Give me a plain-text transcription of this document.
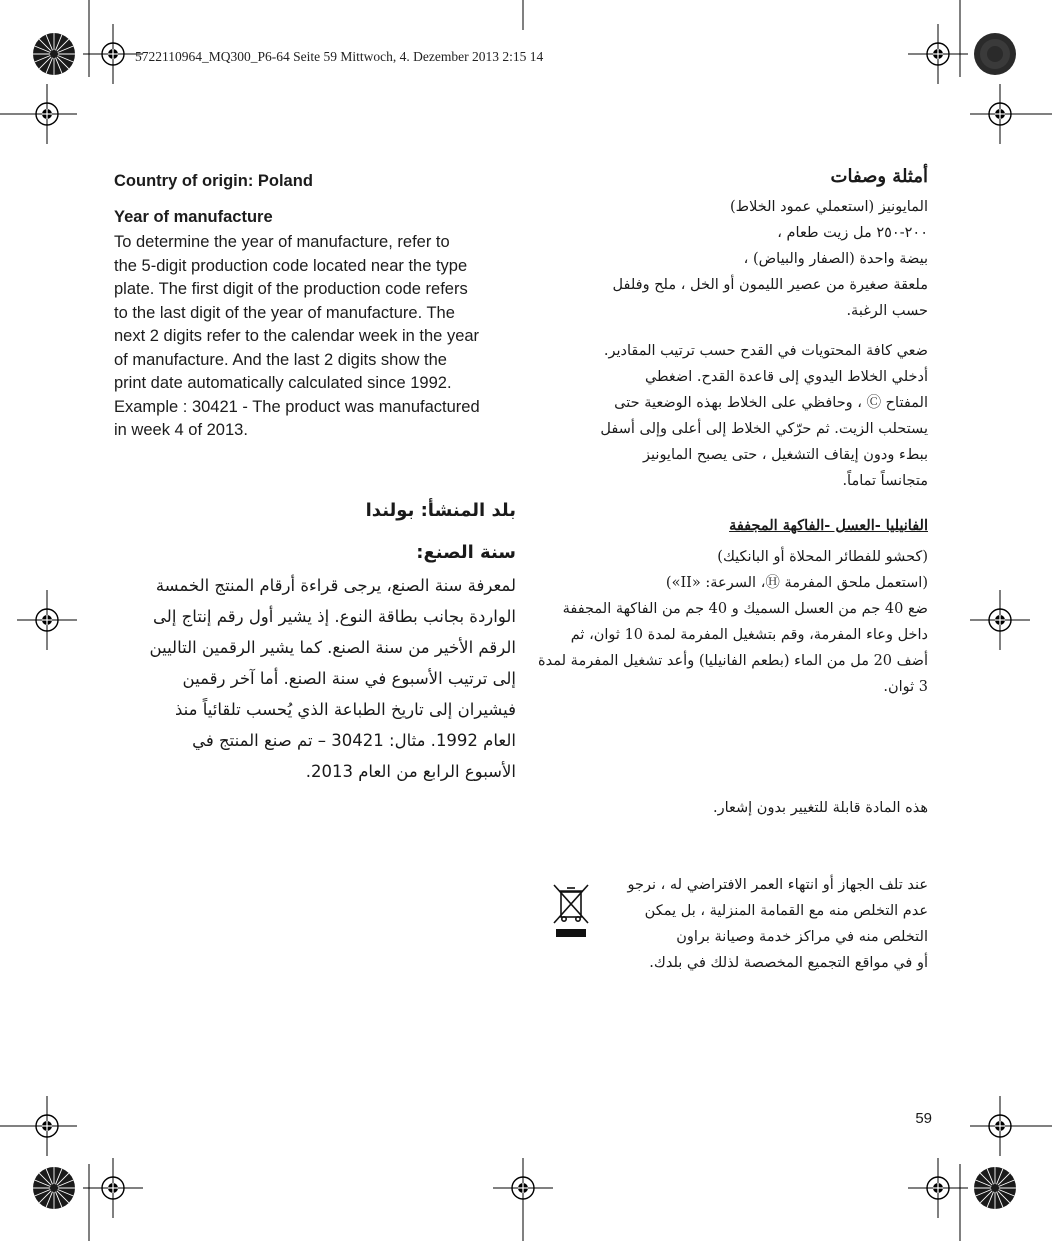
5722110964_MQ300_P6-64 Seite 59 Mittwoch, 4. Dezember 2013 2:15 14
Country of origin: Poland
Year of manufacture

To determine the year of manufacture, refer to

the 5-digit production code located near the type

plate. The first digit of the production code refers

to the last digit of the year of manufacture. The

next 2 digits refer to the calendar week in the year

of manufacture. And the last 2 digits show the

print date automatically calculated since 1992.

Example : 30421 - The product was manufactured

in week 4 of 2013.

بلد المنشأ: بولندا
سنة الصنع:
لمعرفة سنة الصنع، يرجى قراءة أرقام المنتج الخمسة
الواردة بجانب بطاقة النوع. إذ يشير أول رقم إنتاج إلى
الرقم الأخير من سنة الصنع. كما يشير الرقمين التاليين
إلى ترتيب الأسبوع في سنة الصنع. أما آخر رقمين
فيشيران إلى تاريخ الطباعة الذي يُحسب تلقائياً منذ
العام 1992. مثال: 30421 – تم صنع المنتج في
الأسبوع الرابع من العام 2013.
أمثلة وصفات
المايونيز (استعملي عمود الخلاط)
٢٠٠-٢٥٠ مل زيت طعام ،
بيضة واحدة (الصفار والبياض) ،
ملعقة صغيرة من عصير الليمون أو الخل ، ملح وفلفل
حسب الرغبة.
ضعي كافة المحتويات في القدح حسب ترتيب المقادير.
أدخلي الخلاط اليدوي إلى قاعدة القدح. اضغطي
المفتاح Ⓒ ، وحافظي على الخلاط بهذه الوضعية حتى
يستحلب الزيت. ثم حرّكي الخلاط إلى أعلى وإلى أسفل
ببطء ودون إيقاف التشغيل ، حتى يصبح المايونيز
متجانساً تماماً.
الفانيليا -العسل -الفاكهة المجففة
(كحشو للفطائر المحلاة أو البانكيك)
(استعمل ملحق المفرمة Ⓗ، السرعة: «II»)
ضع 40 جم من العسل السميك و 40 جم من الفاكهة المجففة
داخل وعاء المفرمة، وقم بتشغيل المفرمة لمدة 10 ثوان، ثم
أضف 20 مل من الماء (بطعم الفانيليا) وأعد تشغيل المفرمة لمدة
3 ثوان.
هذه المادة قابلة للتغيير بدون إشعار.
عند تلف الجهاز أو انتهاء العمر الافتراضي له ، نرجو
عدم التخلص منه مع القمامة المنزلية ، بل يمكن
التخلص منه في مراكز خدمة وصيانة براون
أو في مواقع التجميع المخصصة لذلك في بلدك.
59
